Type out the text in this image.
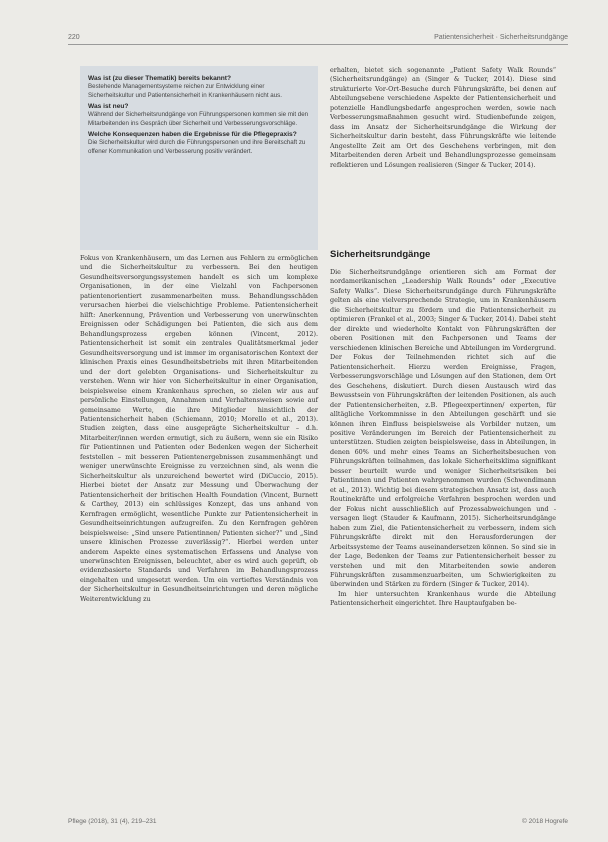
220	Patientensicherheit · Sicherheitsrundgänge
Was ist (zu dieser Thematik) bereits bekannt?
Bestehende Managementsysteme reichen zur Entwicklung einer Sicherheitskultur und Patientensicherheit in Krankenhäusern nicht aus.
Was ist neu?
Während der Sicherheitsrundgänge von Führungspersonen kommen sie mit den Mitarbeitenden ins Gespräch über Sicherheit und Verbesserungsvorschläge.
Welche Konsequenzen haben die Ergebnisse für die Pflegepraxis?
Die Sicherheitskultur wird durch die Führungspersonen und ihre Bereitschaft zu offener Kommunikation und Verbesserung positiv verändert.

Fokus von Krankenhäusern, um das Lernen aus Fehlern zu ermöglichen und die Sicherheitskultur zu verbessern. Bei den heutigen Gesundheitsversorgungssystemen handelt es sich um komplexe Organisationen, in der eine Vielzahl von Fachpersonen patientenorientiert zusammenarbeiten muss. Behandlungsschäden verursachen hierbei die vielschichtige Probleme. Patientensicherheit hilft: Anerkennung, Prävention und Verbesserung von unerwünschten Ereignissen oder Schädigungen bei Patienten, die sich aus dem Behandlungsprozess ergeben können (Vincent, 2012). Patientensicherheit ist somit ein zentrales Qualitätsmerkmal jeder Gesundheitsversorgung und ist immer im organisatorischen Kontext der klinischen Praxis eines Gesundheitsbetriebs mit ihren Mitarbeitenden und der dort gelebten Organisations- und Sicherheitskultur zu verstehen. Wenn wir hier von Sicherheitskultur in einer Organisation, beispielsweise einem Krankenhaus sprechen, so zielen wir aus auf persönliche Einstellungen, Annahmen und Verhaltensweisen sowie auf gemeinsame Werte, die ihre Mitglieder hinsichtlich der Patientensicherheit haben (Schiemann, 2010; Morello et al., 2013). Studien zeigten, dass eine ausgeprägte Sicherheitskultur – d.h. Mitarbeiter/innen werden ermutigt, sich zu äußern, wenn sie ein Risiko für Patientinnen und Patienten oder Bedenken wegen der Sicherheit feststellen – mit besseren Patientenergebnissen zusammenhängt und weniger unerwünschte Ereignisse zu verzeichnen sind, als wenn die Sicherheitskultur als unzureichend bewertet wird (DiCuccio, 2015). Hierbei bietet der Ansatz zur Messung und Überwachung der Patientensicherheit der britischen Health Foundation (Vincent, Burnett & Carthey, 2013) ein schlüssiges Konzept, das uns anhand von Kernfragen ermöglicht, wesentliche Punkte zur Patientensicherheit in Gesundheitseinrichtungen aufzugreifen. Zu den Kernfragen gehören beispielsweise: „Sind unsere Patientinnen/ Patienten sicher?“ und „Sind unsere klinischen Prozesse zuverlässig?“. Hierbei werden unter anderem Aspekte eines systematischen Erfassens und Analyse von unerwünschten Ereignissen, beleuchtet, aber es wird auch geprüft, ob evidenzbasierte Standards und Verfahren im Behandlungsprozess eingehalten und umgesetzt werden. Um ein vertieftes Verständnis von der Sicherheitskultur in Gesundheitseinrichtungen und deren mögliche Weiterentwicklung zu

erhalten, bietet sich sogenannte „Patient Safety Walk Rounds“ (Sicherheitsrundgänge) an (Singer & Tucker, 2014). Diese sind strukturierte Vor-Ort-Besuche durch Führungskräfte, bei denen auf Abteilungsebene verschiedene Aspekte der Patientensicherheit und potenzielle Handlungsbedarfe angesprochen werden, sowie nach Verbesserungsmaßnahmen gesucht wird. Studienbefunde zeigen, dass im Ansatz der Sicherheitsrundgänge die Wirkung der Sicherheitskultur darin besteht, dass Führungskräfte wie leitende Angestellte Zeit am Ort des Geschehens verbringen, mit den Mitarbeitenden deren Arbeit und Behandlungsprozesse gemeinsam reflektieren und Lösungen realisieren (Singer & Tucker, 2014).

Sicherheitsrundgänge

Die Sicherheitsrundgänge orientieren sich am Format der nordamerikanischen „Leadership Walk Rounds“ oder „Executive Safety Walks“. Diese Sicherheitsrundgänge durch Führungskräfte gelten als eine vielversprechende Strategie, um in Krankenhäusern die Sicherheitskultur zu fördern und die Patientensicherheit zu optimieren (Frankel et al., 2003; Singer & Tucker, 2014). Dabei steht der direkte und wiederholte Kontakt von Führungskräften der oberen Positionen mit den Fachpersonen und Teams der verschiedenen klinischen Bereiche und Abteilungen im Vordergrund. Der Fokus der Teilnehmenden richtet sich auf die Patientensicherheit. Hierzu werden Ereignisse, Fragen, Verbesserungsvorschläge und Lösungen auf den Stationen, dem Ort des Geschehens, diskutiert. Durch diesen Austausch wird das Bewusstsein von Führungskräften der leitenden Positionen, als auch der Patientensicherheiten, z.B. Pflegeexpertinnen/ experten, für alltägliche Vorkommnisse in den Abteilungen geschärft und sie können ihren Einfluss beispielsweise als Vorbilder nutzen, um positive Veränderungen im Bereich der Patientensicherheit zu unterstützen. Studien zeigten beispielsweise, dass in Abteilungen, in denen 60% und mehr eines Teams an Sicherheitsbesuchen von Führungskräften teilnahmen, das lokale Sicherheitsklima signifikant besser beurteilt wurde und weniger Sicherheitsrisiken bei Patientinnen und Patienten wahrgenommen wurden (Schwendimann et al., 2013). Wichtig bei diesem strategischen Ansatz ist, dass auch Routinekräfte und erfolgreiche Verfahren besprochen werden und der Fokus nicht ausschließlich auf Prozessabweichungen und -versagen liegt (Stauder & Kaufmann, 2015). Sicherheitsrundgänge haben zum Ziel, die Patientensicherheit zu verbessern, indem sich Führungskräfte direkt mit den Herausforderungen der Arbeitssysteme der Teams auseinandersetzen können. So sind sie in der Lage, Bedenken der Teams zur Patientensicherheit besser zu verstehen und mit den Mitarbeitenden sowie anderen Führungskräften zusammenzuarbeiten, um Schwierigkeiten zu überwinden und Stärken zu fördern (Singer & Tucker, 2014).

Im hier untersuchten Krankenhaus wurde die Abteilung Patientensicherheit eingerichtet. Ihre Hauptaufgaben be-

Pflege (2018), 31 (4), 219–231	© 2018 Hogrefe
